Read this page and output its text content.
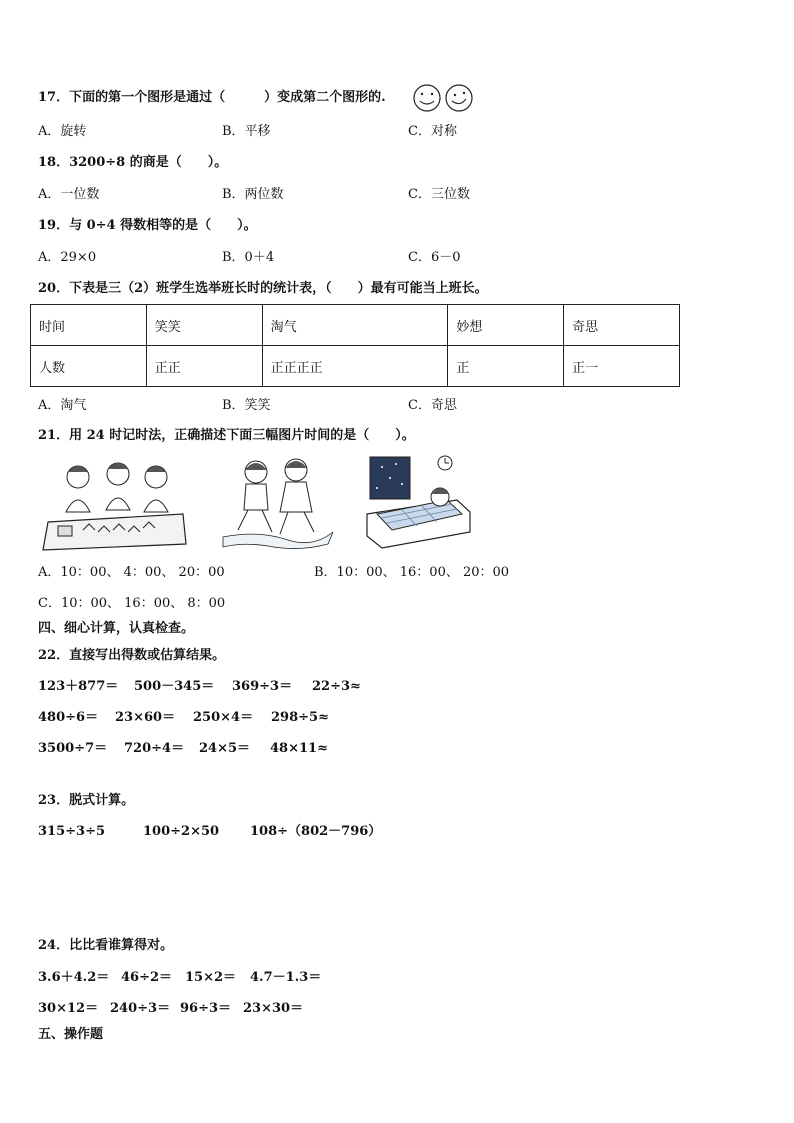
17．下面的第一个图形是通过（　　　）变成第二个图形的.
A．旋转	B．平移	C．对称
18．3200÷8 的商是（　　）。
A．一位数	B．两位数	C．三位数
19．与 0÷4 得数相等的是（　　）。
A．29×0	B．0＋4	C．6－0
20．下表是三（2）班学生选举班长时的统计表，（　　）最有可能当上班长。
时间	笑笑	淘气	妙想	奇思
人数	正正	正正正正	正	正一
A．淘气	B．笑笑	C．奇思
21．用 24 时记时法，正确描述下面三幅图片时间的是（　　）。
A．10：00、 4：00、 20：00	B．10：00、 16：00、 20：00
C．10：00、 16：00、 8：00
四、细心计算，认真检查。
22．直接写出得数或估算结果。
123＋877＝ 500－345＝ 369÷3＝ 22÷3≈
480÷6＝ 23×60＝ 250×4＝ 298÷5≈
3500÷7＝ 720÷4＝ 24×5＝ 48×11≈
23．脱式计算。
315÷3÷5	100÷2×50 108÷（802－796）
24．比比看谁算得对。
3.6＋4.2＝ 46÷2＝ 15×2＝ 4.7－1.3＝
30×12＝ 240÷3＝ 96÷3＝ 23×30＝
五、操作题
